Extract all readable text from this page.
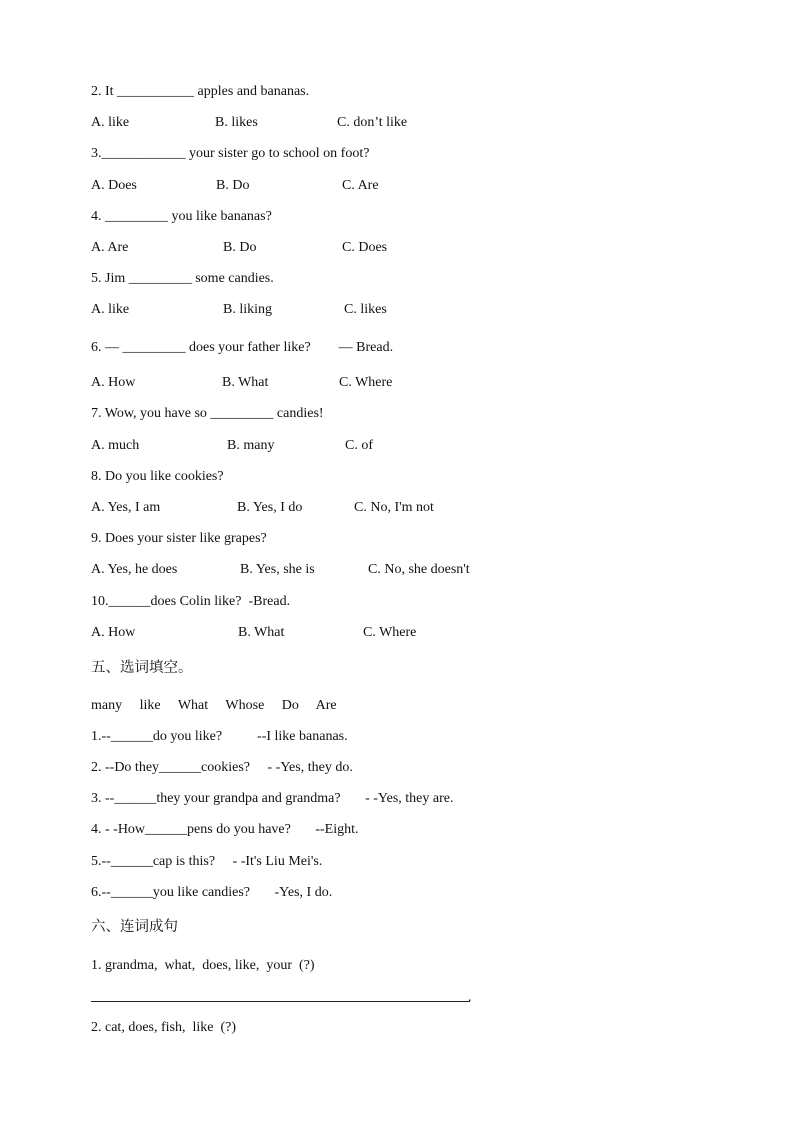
2. It ___________ apples and bananas.
A. like	B. likes	C. don’t like
3.____________ your sister go to school on foot?
A. Does	B. Do	C. Are
4. _________ you like bananas?
A. Are	B. Do	C. Does
5. Jim _________ some candies.
A. like	B. liking	C. likes
6. — _________ does your father like?        — Bread.
A. How	B. What	C. Where
7. Wow, you have so _________ candies!
A. much	B. many	C. of
8. Do you like cookies?
A. Yes, I am	B. Yes, I do	C. No, I'm not
9. Does your sister like grapes?
A. Yes, he does	B. Yes, she is	C. No, she doesn't
10.______does Colin like?  -Bread.
A. How	B. What	C. Where
五、选词填空。
many     like     What     Whose     Do     Are
1.--______do you like?          --I like bananas.
2. --Do they______cookies?     - -Yes, they do.
3. --______they your grandpa and grandma?       - -Yes, they are.
4. - -How______pens do you have?       --Eight.
5.--______cap is this?     - -It's Liu Mei's.
6.--______you like candies?       -Yes, I do.
六、连词成句
1. grandma,  what,  does, like,  your  (?)
.
2. cat, does, fish,  like  (?)
